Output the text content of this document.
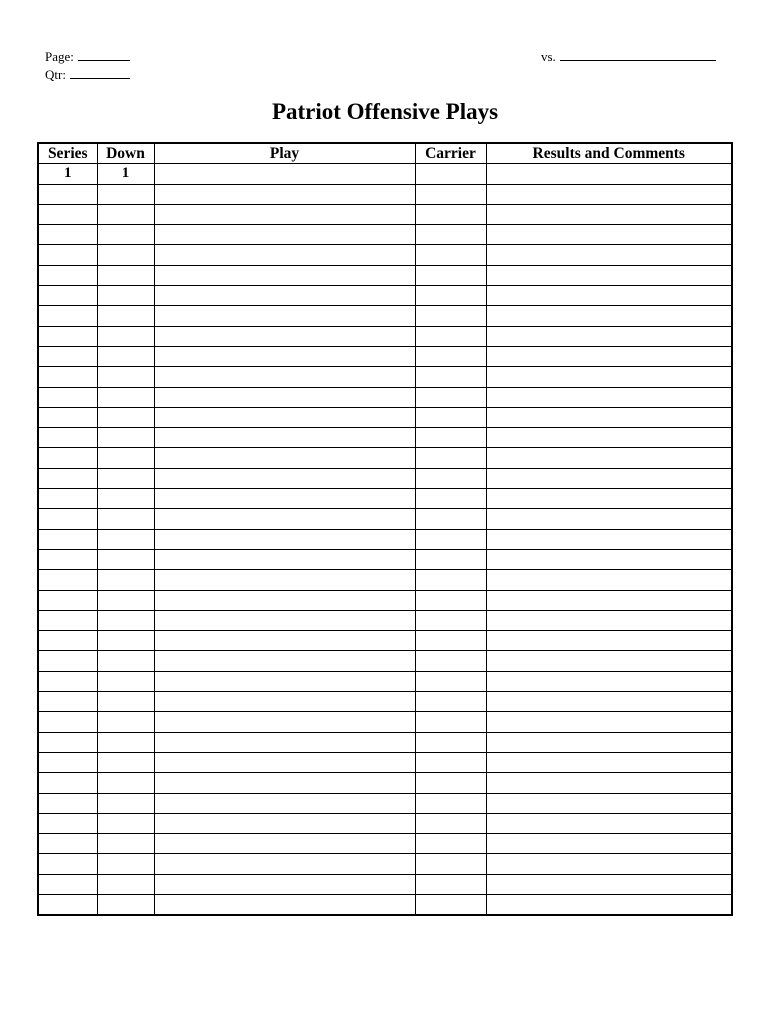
Page:
Qtr:
vs.
Patriot Offensive Plays
Series	Down	Play	Carrier	Results and Comments
1	1			
